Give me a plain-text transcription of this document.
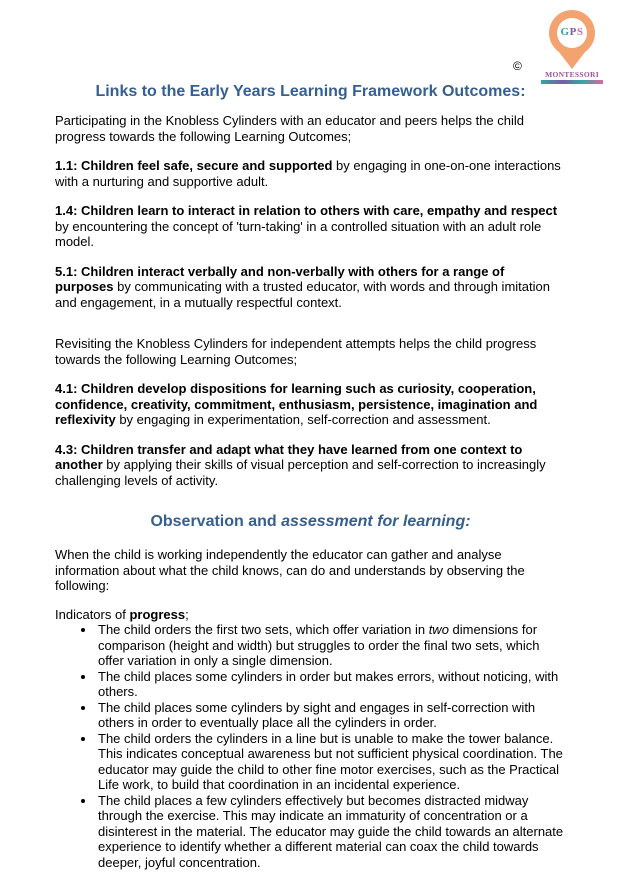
©
G P S
MONTESSORI
Links to the Early Years Learning Framework Outcomes:

Participating in the Knobless Cylinders with an educator and peers helps the child progress towards the following Learning Outcomes;

1.1: Children feel safe, secure and supported by engaging in one-on-one interactions with a nurturing and supportive adult.

1.4: Children learn to interact in relation to others with care, empathy and respect by encountering the concept of 'turn-taking' in a controlled situation with an adult role model.

5.1: Children interact verbally and non-verbally with others for a range of purposes by communicating with a trusted educator, with words and through imitation and engagement, in a mutually respectful context.

Revisiting the Knobless Cylinders for independent attempts helps the child progress towards the following Learning Outcomes;

4.1: Children develop dispositions for learning such as curiosity, cooperation, confidence, creativity, commitment, enthusiasm, persistence, imagination and reflexivity by engaging in experimentation, self-correction and assessment.

4.3: Children transfer and adapt what they have learned from one context to another by applying their skills of visual perception and self-correction to increasingly challenging levels of activity.

Observation and assessment for learning:

When the child is working independently the educator can gather and analyse information about what the child knows, can do and understands by observing the following:

Indicators of progress;

• The child orders the first two sets, which offer variation in two dimensions for comparison (height and width) but struggles to order the final two sets, which offer variation in only a single dimension.
• The child places some cylinders in order but makes errors, without noticing, with others.
• The child places some cylinders by sight and engages in self-correction with others in order to eventually place all the cylinders in order.
• The child orders the cylinders in a line but is unable to make the tower balance. This indicates conceptual awareness but not sufficient physical coordination. The educator may guide the child to other fine motor exercises, such as the Practical Life work, to build that coordination in an incidental experience.
• The child places a few cylinders effectively but becomes distracted midway through the exercise. This may indicate an immaturity of concentration or a disinterest in the material. The educator may guide the child towards an alternate experience to identify whether a different material can coax the child towards deeper, joyful concentration.
